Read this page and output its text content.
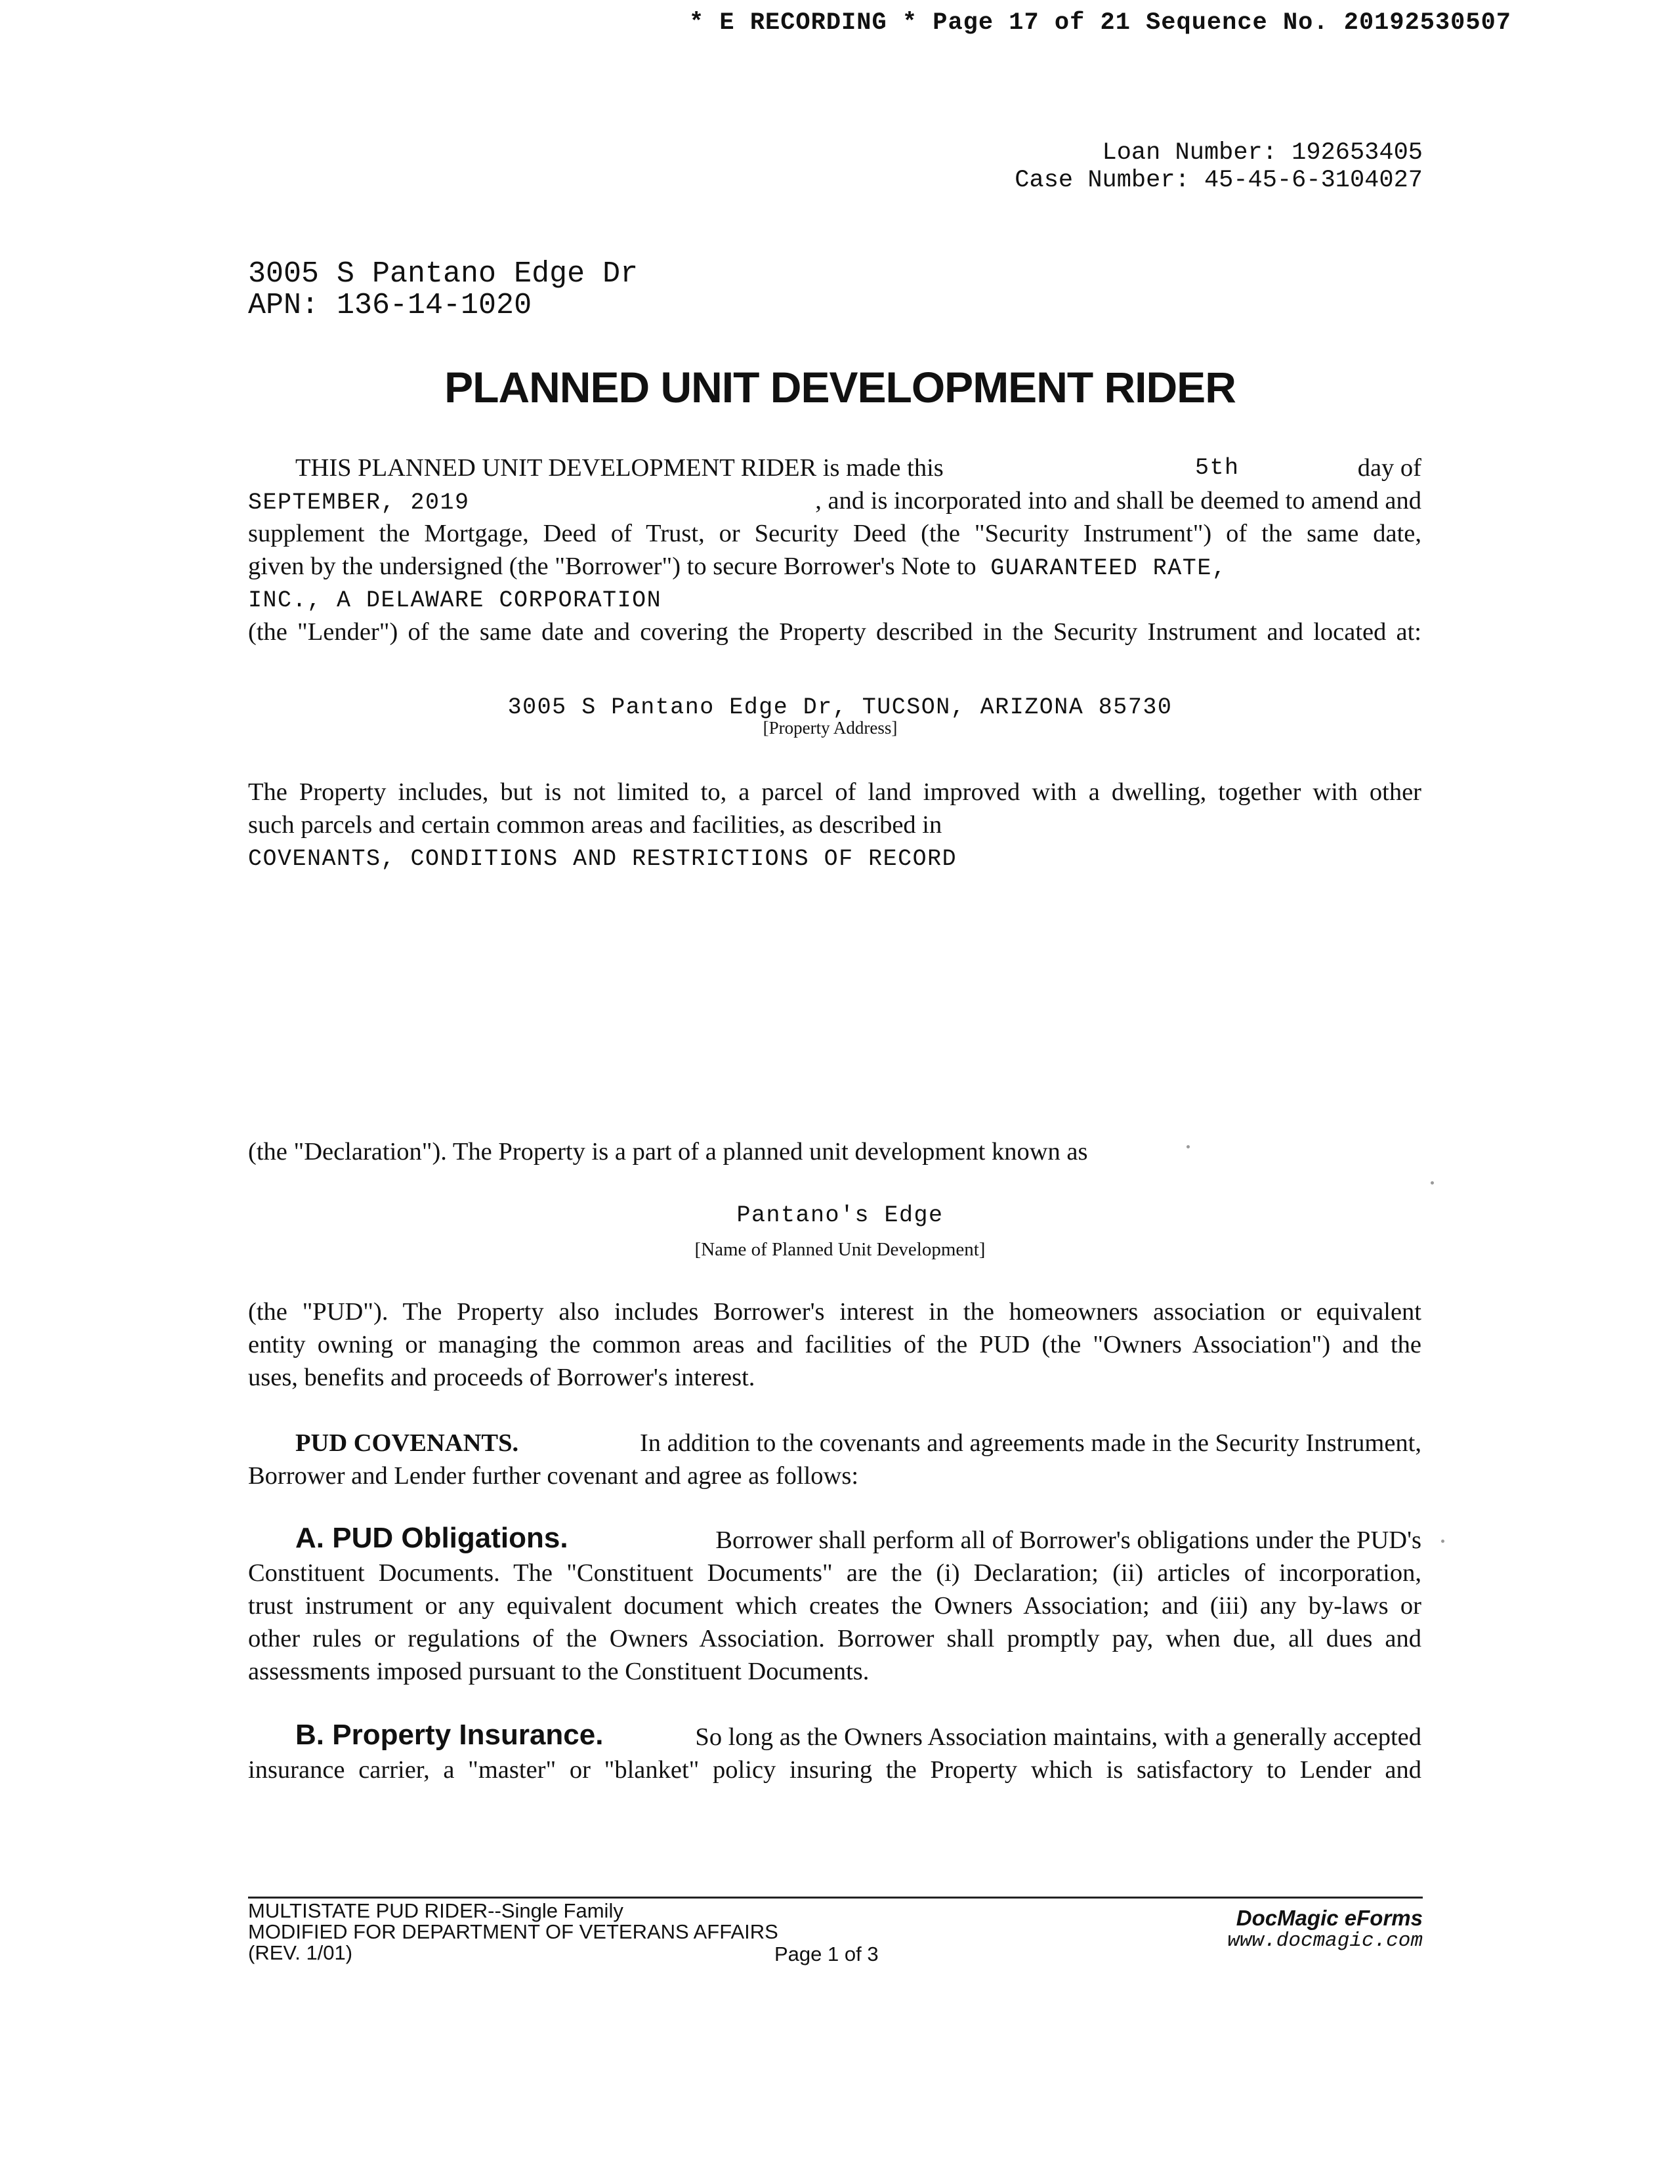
* E RECORDING * Page 17 of 21 Sequence No. 20192530507
Loan Number: 192653405
Case Number: 45-45-6-3104027
3005 S Pantano Edge Dr
APN: 136-14-1020
PLANNED UNIT DEVELOPMENT RIDER
THIS PLANNED UNIT DEVELOPMENT RIDER is made this	5th	day of
SEPTEMBER, 2019	, and is incorporated into and shall be deemed to amend and
supplement the Mortgage, Deed of Trust, or Security Deed (the "Security Instrument") of the same date,
given by the undersigned (the "Borrower") to secure Borrower's Note to GUARANTEED RATE,
INC., A DELAWARE CORPORATION
(the "Lender") of the same date and covering the Property described in the Security Instrument and located at:
3005 S Pantano Edge Dr, TUCSON, ARIZONA 85730
[Property Address]
The Property includes, but is not limited to, a parcel of land improved with a dwelling, together with other
such parcels and certain common areas and facilities, as described in
COVENANTS, CONDITIONS AND RESTRICTIONS OF RECORD
(the "Declaration"). The Property is a part of a planned unit development known as
Pantano's Edge
[Name of Planned Unit Development]
(the "PUD"). The Property also includes Borrower's interest in the homeowners association or equivalent
entity owning or managing the common areas and facilities of the PUD (the "Owners Association") and the
uses, benefits and proceeds of Borrower's interest.
PUD COVENANTS.	In addition to the covenants and agreements made in the Security Instrument,
Borrower and Lender further covenant and agree as follows:
A. PUD Obligations.	Borrower shall perform all of Borrower's obligations under the PUD's
Constituent Documents. The "Constituent Documents" are the (i) Declaration; (ii) articles of incorporation,
trust instrument or any equivalent document which creates the Owners Association; and (iii) any by-laws or
other rules or regulations of the Owners Association. Borrower shall promptly pay, when due, all dues and
assessments imposed pursuant to the Constituent Documents.
B. Property Insurance.	So long as the Owners Association maintains, with a generally accepted
insurance carrier, a "master" or "blanket" policy insuring the Property which is satisfactory to Lender and
MULTISTATE PUD RIDER--Single Family
MODIFIED FOR DEPARTMENT OF VETERANS AFFAIRS
(REV. 1/01)	Page 1 of 3
DocMagic eForms
www.docmagic.com
